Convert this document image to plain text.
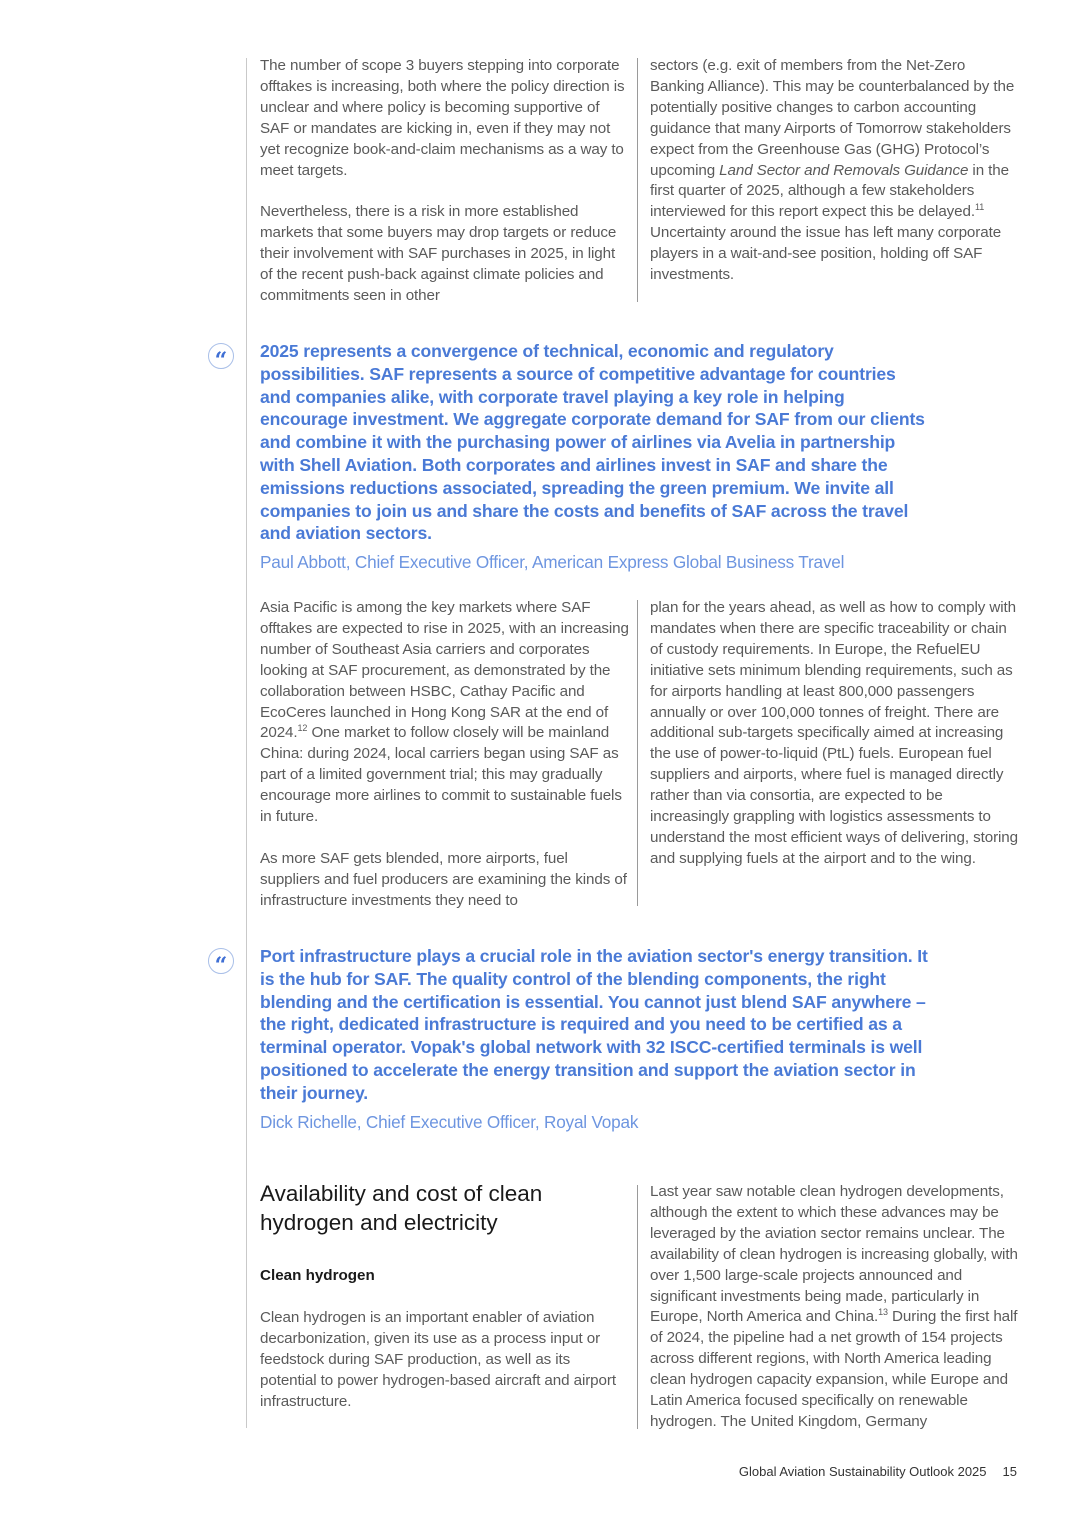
The number of scope 3 buyers stepping into corporate offtakes is increasing, both where the policy direction is unclear and where policy is becoming supportive of SAF or mandates are kicking in, even if they may not yet recognize book-and-claim mechanisms as a way to meet targets.

Nevertheless, there is a risk in more established markets that some buyers may drop targets or reduce their involvement with SAF purchases in 2025, in light of the recent push-back against climate policies and commitments seen in other

sectors (e.g. exit of members from the Net-Zero Banking Alliance). This may be counterbalanced by the potentially positive changes to carbon accounting guidance that many Airports of Tomorrow stakeholders expect from the Greenhouse Gas (GHG) Protocol’s upcoming Land Sector and Removals Guidance in the first quarter of 2025, although a few stakeholders interviewed for this report expect this be delayed.$^{11}$ Uncertainty around the issue has left many corporate players in a wait-and-see position, holding off SAF investments.

“ 2025 represents a convergence of technical, economic and regulatory possibilities. SAF represents a source of competitive advantage for countries and companies alike, with corporate travel playing a key role in helping encourage investment. We aggregate corporate demand for SAF from our clients and combine it with the purchasing power of airlines via Avelia in partnership with Shell Aviation. Both corporates and airlines invest in SAF and share the emissions reductions associated, spreading the green premium. We invite all companies to join us and share the costs and benefits of SAF across the travel and aviation sectors.
Paul Abbott, Chief Executive Officer, American Express Global Business Travel

Asia Pacific is among the key markets where SAF offtakes are expected to rise in 2025, with an increasing number of Southeast Asia carriers and corporates looking at SAF procurement, as demonstrated by the collaboration between HSBC, Cathay Pacific and EcoCeres launched in Hong Kong SAR at the end of 2024.12 One market to follow closely will be mainland China: during 2024, local carriers began using SAF as part of a limited government trial; this may gradually encourage more airlines to commit to sustainable fuels in future.

As more SAF gets blended, more airports, fuel suppliers and fuel producers are examining the kinds of infrastructure investments they need to

plan for the years ahead, as well as how to comply with mandates when there are specific traceability or chain of custody requirements. In Europe, the RefuelEU initiative sets minimum blending requirements, such as for airports handling at least 800,000 passengers annually or over 100,000 tonnes of freight. There are additional sub-targets specifically aimed at increasing the use of power-to-liquid (PtL) fuels. European fuel suppliers and airports, where fuel is managed directly rather than via consortia, are expected to be increasingly grappling with logistics assessments to understand the most efficient ways of delivering, storing and supplying fuels at the airport and to the wing.

“ Port infrastructure plays a crucial role in the aviation sector's energy transition. It is the hub for SAF. The quality control of the blending components, the right blending and the certification is essential. You cannot just blend SAF anywhere – the right, dedicated infrastructure is required and you need to be certified as a terminal operator. Vopak's global network with 32 ISCC-certified terminals is well positioned to accelerate the energy transition and support the aviation sector in their journey.
Dick Richelle, Chief Executive Officer, Royal Vopak
Availability and cost of clean hydrogen and electricity
Clean hydrogen

Clean hydrogen is an important enabler of aviation decarbonization, given its use as a process input or feedstock during SAF production, as well as its potential to power hydrogen-based aircraft and airport infrastructure.

Last year saw notable clean hydrogen developments, although the extent to which these advances may be leveraged by the aviation sector remains unclear. The availability of clean hydrogen is increasing globally, with over 1,500 large-scale projects announced and significant investments being made, particularly in Europe, North America and China.$^{13}$ During the first half of 2024, the pipeline had a net growth of 154 projects across different regions, with North America leading clean hydrogen capacity expansion, while Europe and Latin America focused specifically on renewable hydrogen. The United Kingdom, Germany

Global Aviation Sustainability Outlook 2025 15
